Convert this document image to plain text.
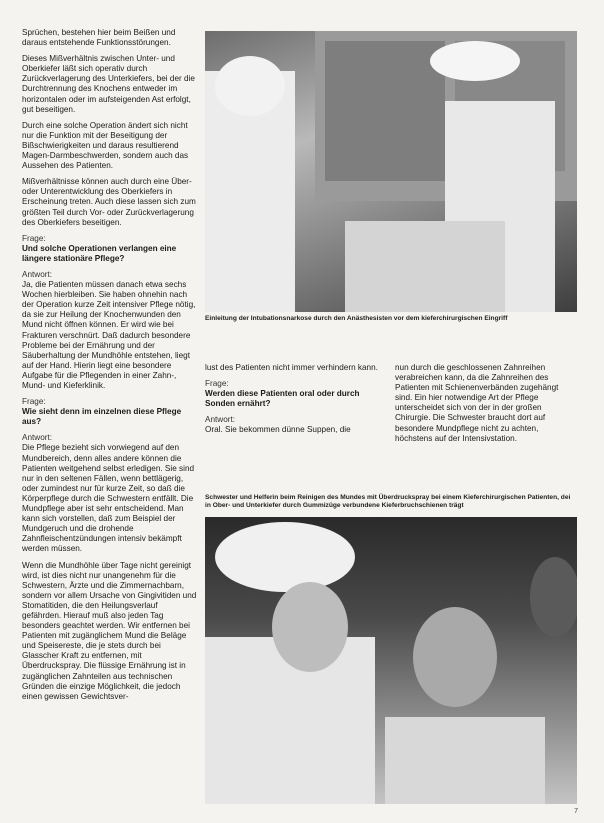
Sprüchen, bestehen hier beim Beißen und daraus entstehende Funktionsstörungen.

Dieses Mißverhältnis zwischen Unter- und Oberkiefer läßt sich operativ durch Zurückverlagerung des Unterkiefers, bei der die Durchtrennung des Knochens entweder im horizontalen oder im aufsteigenden Ast erfolgt, gut beseitigen.

Durch eine solche Operation ändert sich nicht nur die Funktion mit der Beseitigung der Bißschwierigkeiten und daraus resultierend Magen-Darmbeschwerden, sondern auch das Aussehen des Patienten.

Mißverhältnisse können auch durch eine Über- oder Unterentwicklung des Oberkiefers in Erscheinung treten. Auch diese lassen sich zum größten Teil durch Vor- oder Zurückverlagerung des Oberkiefers beseitigen.

Frage:

Und solche Operationen verlangen eine längere stationäre Pflege?

Antwort:

Ja, die Patienten müssen danach etwa sechs Wochen hierbleiben. Sie haben ohnehin nach der Operation kurze Zeit intensiver Pflege nötig, da sie zur Heilung der Knochenwunden den Mund nicht öffnen können. Er wird wie bei Frakturen verschnürt. Daß dadurch besondere Probleme bei der Ernährung und der Säuberhaltung der Mundhöhle entstehen, liegt auf der Hand. Hierin liegt eine besondere Aufgabe für die Pflegenden in einer Zahn-, Mund- und Kieferklinik.

Frage:

Wie sieht denn im einzelnen diese Pflege aus?

Antwort:

Die Pflege bezieht sich vorwiegend auf den Mundbereich, denn alles andere können die Patienten weitgehend selbst erledigen. Sie sind nur in den seltenen Fällen, wenn bettlägerig, oder zumindest nur für kurze Zeit, so daß die Körperpflege durch die Schwestern entfällt. Die Mundpflege aber ist sehr entscheidend. Man kann sich vorstellen, daß zum Beispiel der Mundgeruch und die drohende Zahnfleischentzündungen intensiv bekämpft werden müssen.

Wenn die Mundhöhle über Tage nicht gereinigt wird, ist dies nicht nur unangenehm für die Schwestern, Ärzte und die Zimmernachbarn, sondern vor allem Ursache von Gingivitiden und Stomatitiden, die den Heilungsverlauf gefährden. Hierauf muß also jeden Tag besonders geachtet werden. Wir entfernen bei Patienten mit zugänglichem Mund die Beläge und Speisereste, die je stets durch bei Glasscher Kraft zu entfernen, mit Überdruckspray. Die flüssige Ernährung ist in zugänglichen Zahnteilen aus technischen Gründen die einzige Möglichkeit, die jedoch einen gewissen Gewichtsver-

Einleitung der Intubationsnarkose durch den Anästhesisten vor dem kieferchirurgischen Eingriff

lust des Patienten nicht immer verhindern kann.

Frage:

Werden diese Patienten oral oder durch Sonden ernährt?

Antwort:

Oral. Sie bekommen dünne Suppen, die

nun durch die geschlossenen Zahnreihen verabreichen kann, da die Zahnreihen des Patienten mit Schienenverbänden zugehängt sind. Ein hier notwendige Art der Pflege unterscheidet sich von der in der großen Chirurgie. Die Schwester braucht dort auf besondere Mundpflege nicht zu achten, höchstens auf der Intensivstation.

Schwester und Helferin beim Reinigen des Mundes mit Überdruckspray bei einem Kieferchirurgischen Patienten, dei in Ober- und Unterkiefer durch Gummizüge verbundene Kieferbruchschienen trägt
7
